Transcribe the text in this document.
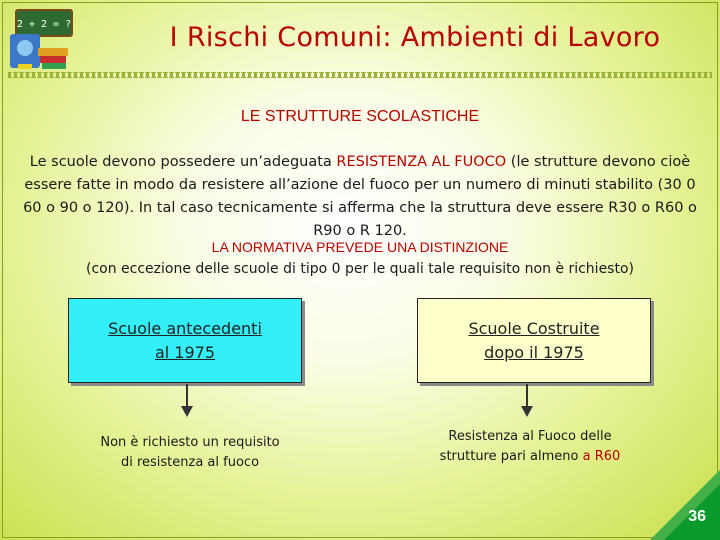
2 + 2 = ?	I Rischi Comuni: Ambienti di Lavoro
LE STRUTTURE SCOLASTICHE
Le scuole devono possedere un’adeguata RESISTENZA AL FUOCO (le strutture devono cioè essere fatte in modo da resistere all’azione del fuoco per un numero di minuti stabilito (30 0 60 o 90 o 120). In tal caso tecnicamente si afferma che la struttura deve essere R30 o R60 o R90 o R 120.
LA NORMATIVA PREVEDE UNA DISTINZIONE
(con eccezione delle scuole di tipo 0 per le quali tale requisito non è richiesto)
Scuole antecedenti
al 1975
Non è richiesto un requisito
di resistenza al fuoco
Scuole Costruite
dopo il 1975
Resistenza al Fuoco delle
strutture pari almeno a R60
36
